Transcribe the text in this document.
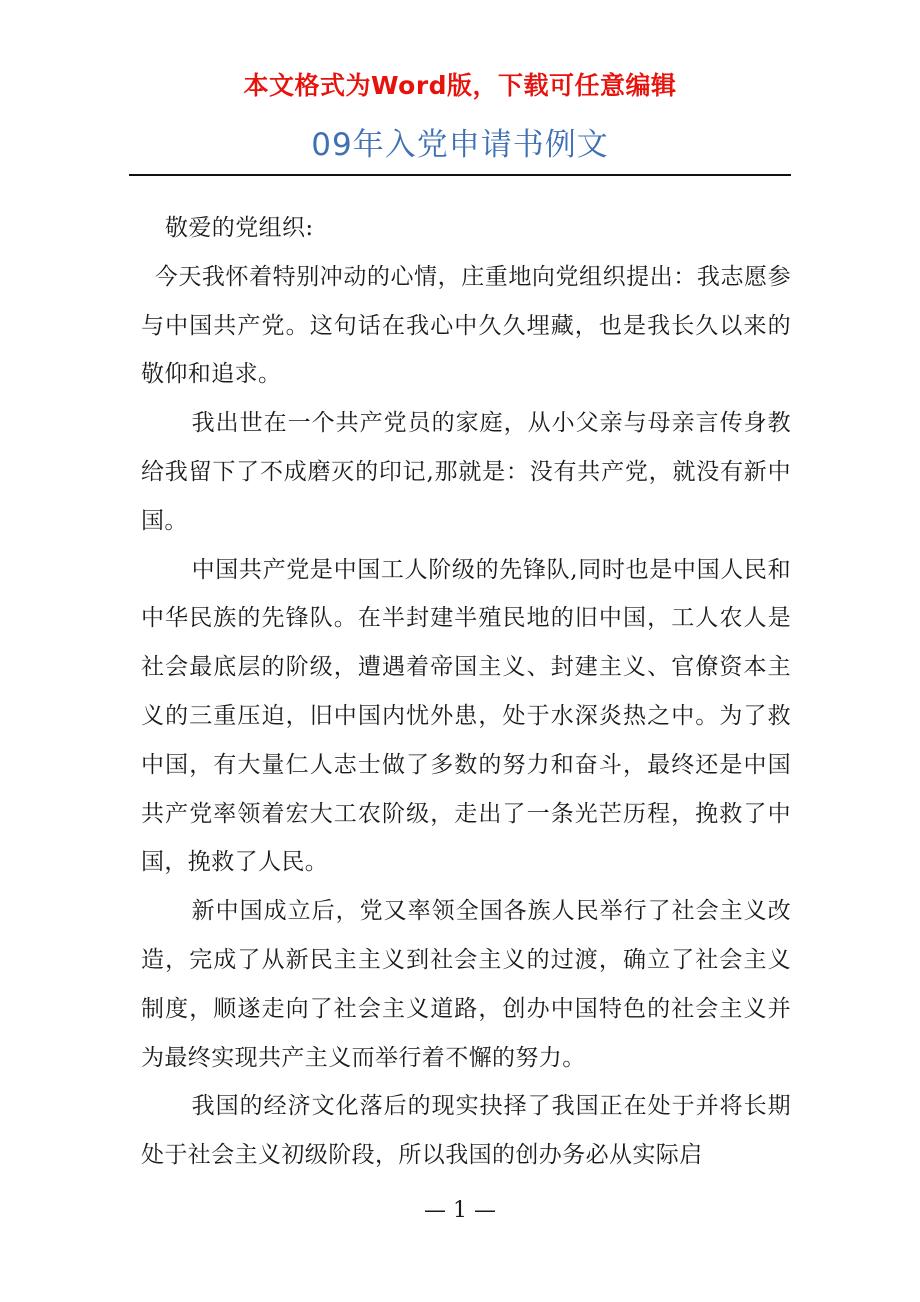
本文格式为Word版，下载可任意编辑
09年入党申请书例文

敬爱的党组织:

今天我怀着特别冲动的心情，庄重地向党组织提出：我志愿参与中国共产党。这句话在我心中久久埋藏，也是我长久以来的敬仰和追求。

我出世在一个共产党员的家庭，从小父亲与母亲言传身教给我留下了不成磨灭的印记,那就是：没有共产党，就没有新中国。

中国共产党是中国工人阶级的先锋队,同时也是中国人民和中华民族的先锋队。在半封建半殖民地的旧中国，工人农人是社会最底层的阶级，遭遇着帝国主义、封建主义、官僚资本主义的三重压迫，旧中国内忧外患，处于水深炎热之中。为了救中国，有大量仁人志士做了多数的努力和奋斗，最终还是中国共产党率领着宏大工农阶级，走出了一条光芒历程，挽救了中国，挽救了人民。

新中国成立后，党又率领全国各族人民举行了社会主义改造，完成了从新民主主义到社会主义的过渡，确立了社会主义制度，顺遂走向了社会主义道路，创办中国特色的社会主义并为最终实现共产主义而举行着不懈的努力。

我国的经济文化落后的现实抉择了我国正在处于并将长期处于社会主义初级阶段，所以我国的创办务必从实际启

— 1 —
